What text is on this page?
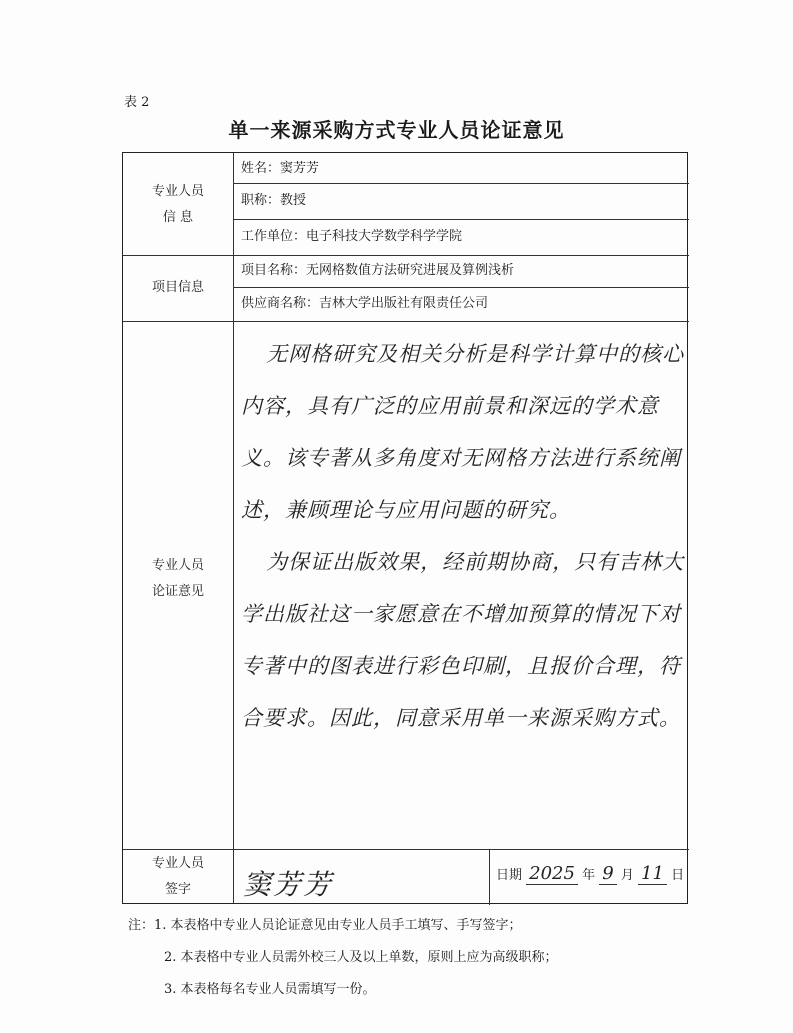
表 2
单一来源采购方式专业人员论证意见
专业人员
信 息
姓名：窦芳芳
职称：教授
工作单位：电子科技大学数学科学学院
项目信息
项目名称：无网格数值方法研究进展及算例浅析
供应商名称：吉林大学出版社有限责任公司
专业人员
论证意见

无网格研究及相关分析是科学计算中的核心内容，具有广泛的应用前景和深远的学术意义。该专著从多角度对无网格方法进行系统阐述，兼顾理论与应用问题的研究。

为保证出版效果，经前期协商，只有吉林大学出版社这一家愿意在不增加预算的情况下对专著中的图表进行彩色印刷，且报价合理，符合要求。因此，同意采用单一来源采购方式。

专业人员
签字	窦芳芳	日期 2025 年 9 月 11 日
注：1. 本表格中专业人员论证意见由专业人员手工填写、手写签字；
2. 本表格中专业人员需外校三人及以上单数，原则上应为高级职称；
3. 本表格每名专业人员需填写一份。
